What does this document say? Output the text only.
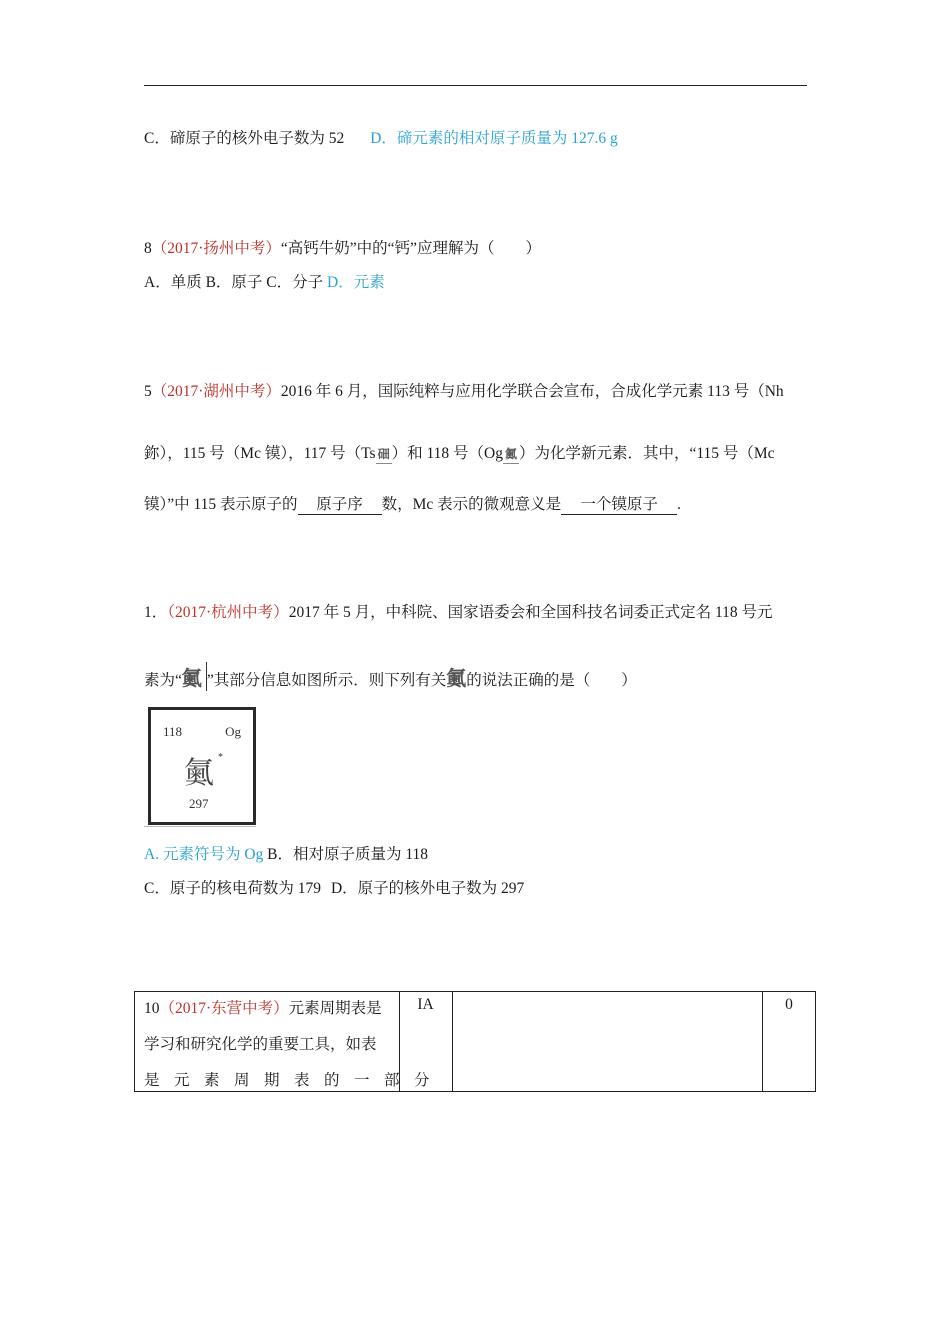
C．碲原子的核外电子数为 52 D．碲元素的相对原子质量为 127.6 g
8（2017·扬州中考）“高钙牛奶”中的“钙”应理解为（　　）
A．单质 B．原子 C．分子 D．元素
5（2017·湖州中考）2016 年 6 月，国际纯粹与应用化学联合会宣布，合成化学元素 113 号（Nh
鉨），115 号（Mc 镆），117 号（Ts 鿬 ）和 118 号（Og 鿫 ）为化学新元素．其中，“115 号（Mc
镆）”中 115 表示原子的 原子序 数，Mc 表示的微观意义是 一个镆原子 .
1．（2017·杭州中考）2017 年 5 月，中科院、国家语委会和全国科技名词委正式定名 118 号元
素为“鿫 ”其部分信息如图所示．则下列有关鿫的说法正确的是（　　）
118	Og
鿫 *
297
A. 元素符号为 Og B．相对原子质量为 118
C．原子的核电荷数为 179 D．原子的核外电子数为 297
10（2017·东营中考）元素周期表是
学习和研究化学的重要工具，如表
是元素周期表的一部分

IA		0
